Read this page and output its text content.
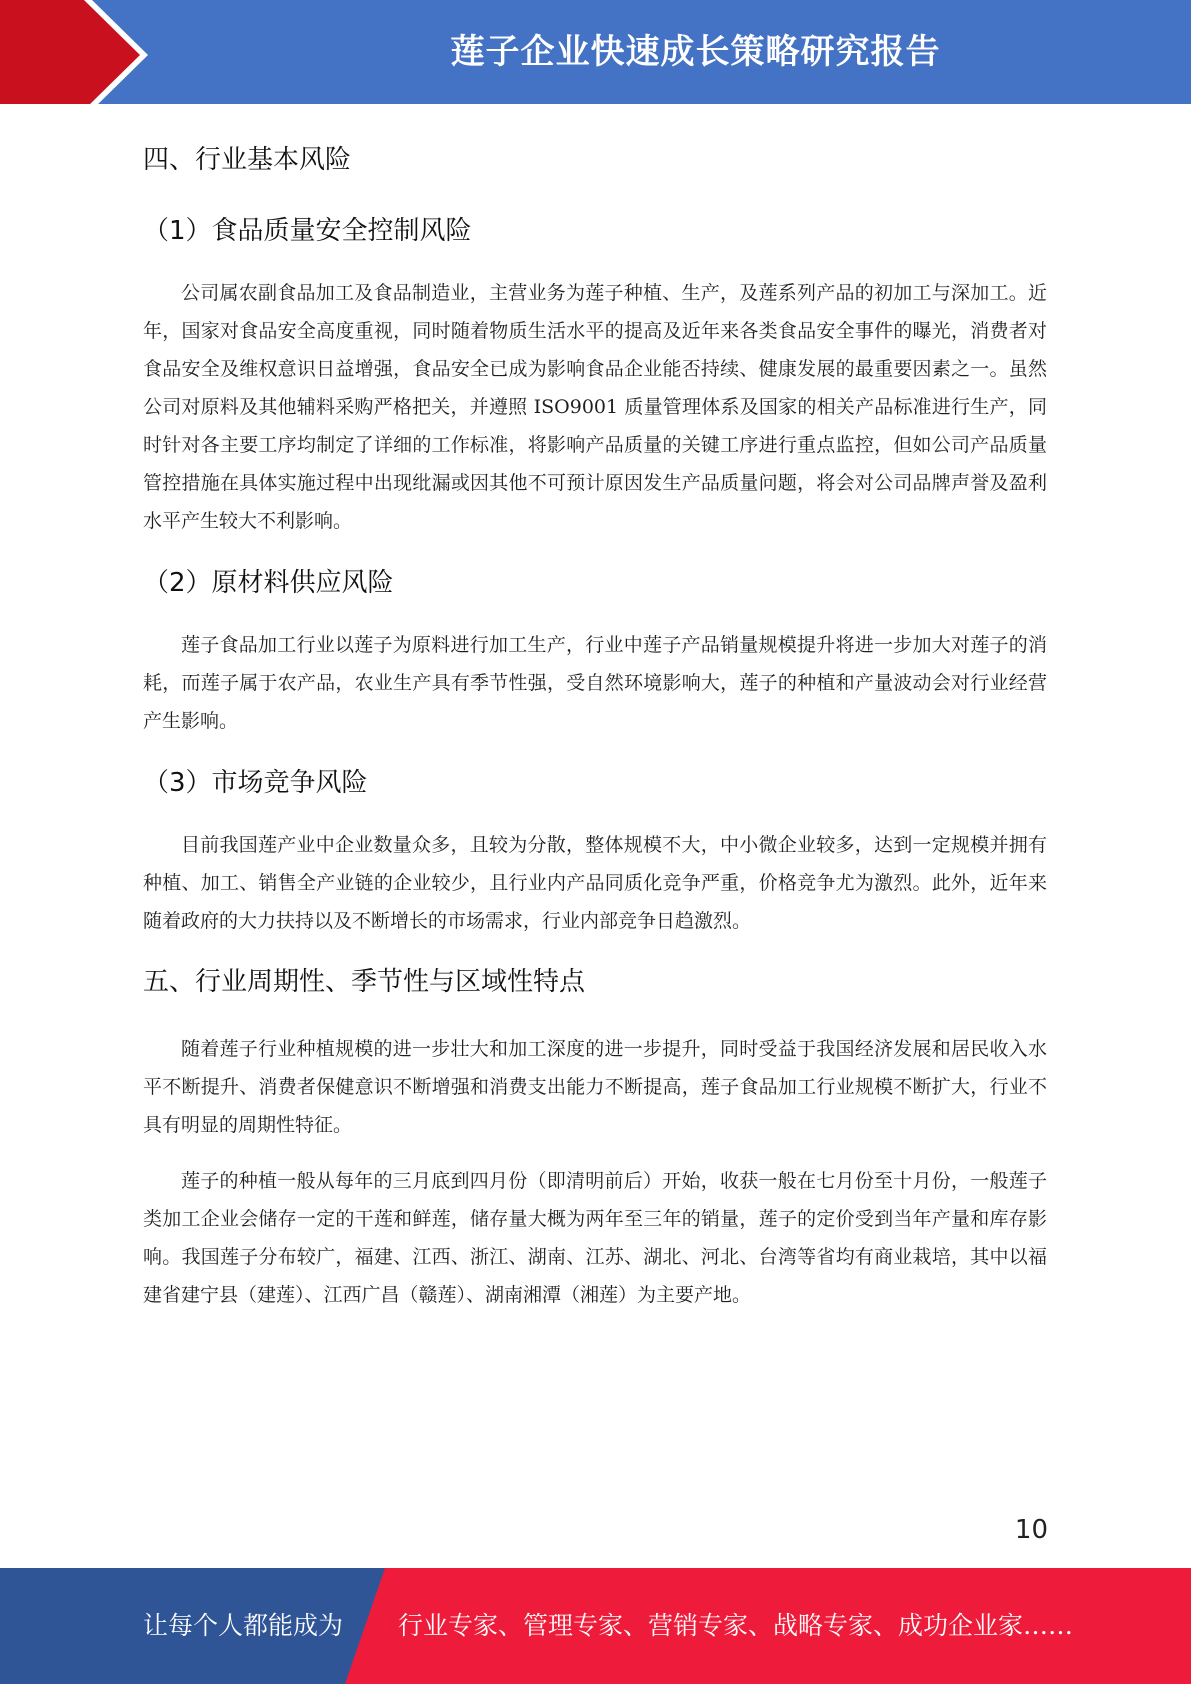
莲子企业快速成长策略研究报告
四、行业基本风险
（1）食品质量安全控制风险

公司属农副食品加工及食品制造业，主营业务为莲子种植、生产，及莲系列产品的初加工与深加工。近年，国家对食品安全高度重视，同时随着物质生活水平的提高及近年来各类食品安全事件的曝光，消费者对食品安全及维权意识日益增强，食品安全已成为影响食品企业能否持续、健康发展的最重要因素之一。虽然公司对原料及其他辅料采购严格把关，并遵照 ISO9001 质量管理体系及国家的相关产品标准进行生产，同时针对各主要工序均制定了详细的工作标准，将影响产品质量的关键工序进行重点监控，但如公司产品质量管控措施在具体实施过程中出现纰漏或因其他不可预计原因发生产品质量问题，将会对公司品牌声誉及盈利水平产生较大不利影响。

（2）原材料供应风险

莲子食品加工行业以莲子为原料进行加工生产，行业中莲子产品销量规模提升将进一步加大对莲子的消耗，而莲子属于农产品，农业生产具有季节性强，受自然环境影响大，莲子的种植和产量波动会对行业经营产生影响。

（3）市场竞争风险

目前我国莲产业中企业数量众多，且较为分散，整体规模不大，中小微企业较多，达到一定规模并拥有种植、加工、销售全产业链的企业较少，且行业内产品同质化竞争严重，价格竞争尤为激烈。此外，近年来随着政府的大力扶持以及不断增长的市场需求，行业内部竞争日趋激烈。

五、行业周期性、季节性与区域性特点

随着莲子行业种植规模的进一步壮大和加工深度的进一步提升，同时受益于我国经济发展和居民收入水平不断提升、消费者保健意识不断增强和消费支出能力不断提高，莲子食品加工行业规模不断扩大，行业不具有明显的周期性特征。

莲子的种植一般从每年的三月底到四月份（即清明前后）开始，收获一般在七月份至十月份，一般莲子类加工企业会储存一定的干莲和鲜莲，储存量大概为两年至三年的销量，莲子的定价受到当年产量和库存影响。我国莲子分布较广，福建、江西、浙江、湖南、江苏、湖北、河北、台湾等省均有商业栽培，其中以福建省建宁县（建莲）、江西广昌（赣莲）、湖南湘潭（湘莲）为主要产地。

10
让每个人都能成为 行业专家、管理专家、营销专家、战略专家、成功企业家……
